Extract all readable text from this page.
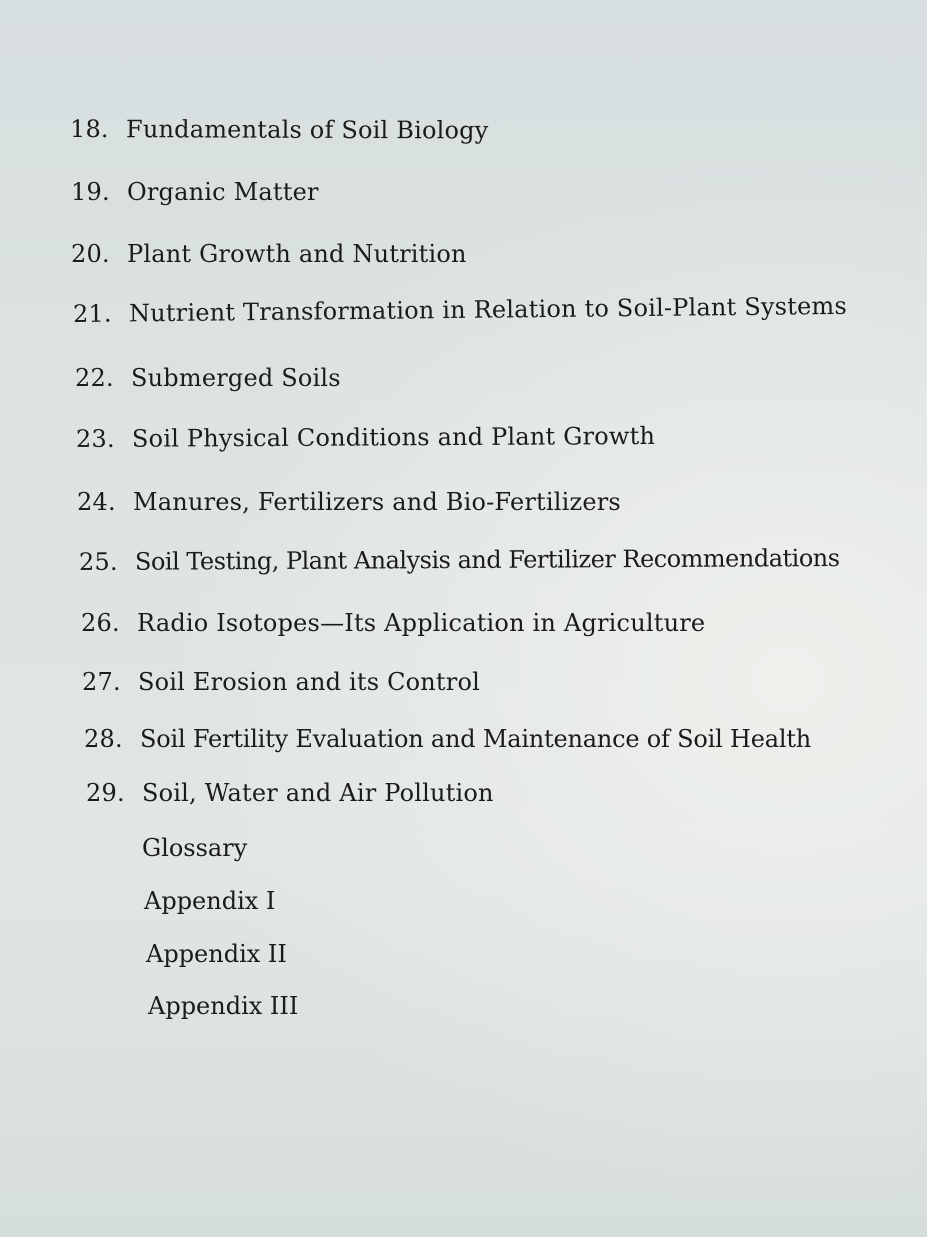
18. Fundamentals of Soil Biology
19. Organic Matter
20. Plant Growth and Nutrition
21. Nutrient Transformation in Relation to Soil-Plant Systems
22. Submerged Soils
23. Soil Physical Conditions and Plant Growth
24. Manures, Fertilizers and Bio-Fertilizers
25. Soil Testing, Plant Analysis and Fertilizer Recommendations
26. Radio Isotopes—Its Application in Agriculture
27. Soil Erosion and its Control
28. Soil Fertility Evaluation and Maintenance of Soil Health
29. Soil, Water and Air Pollution
Glossary
Appendix I
Appendix II
Appendix III
